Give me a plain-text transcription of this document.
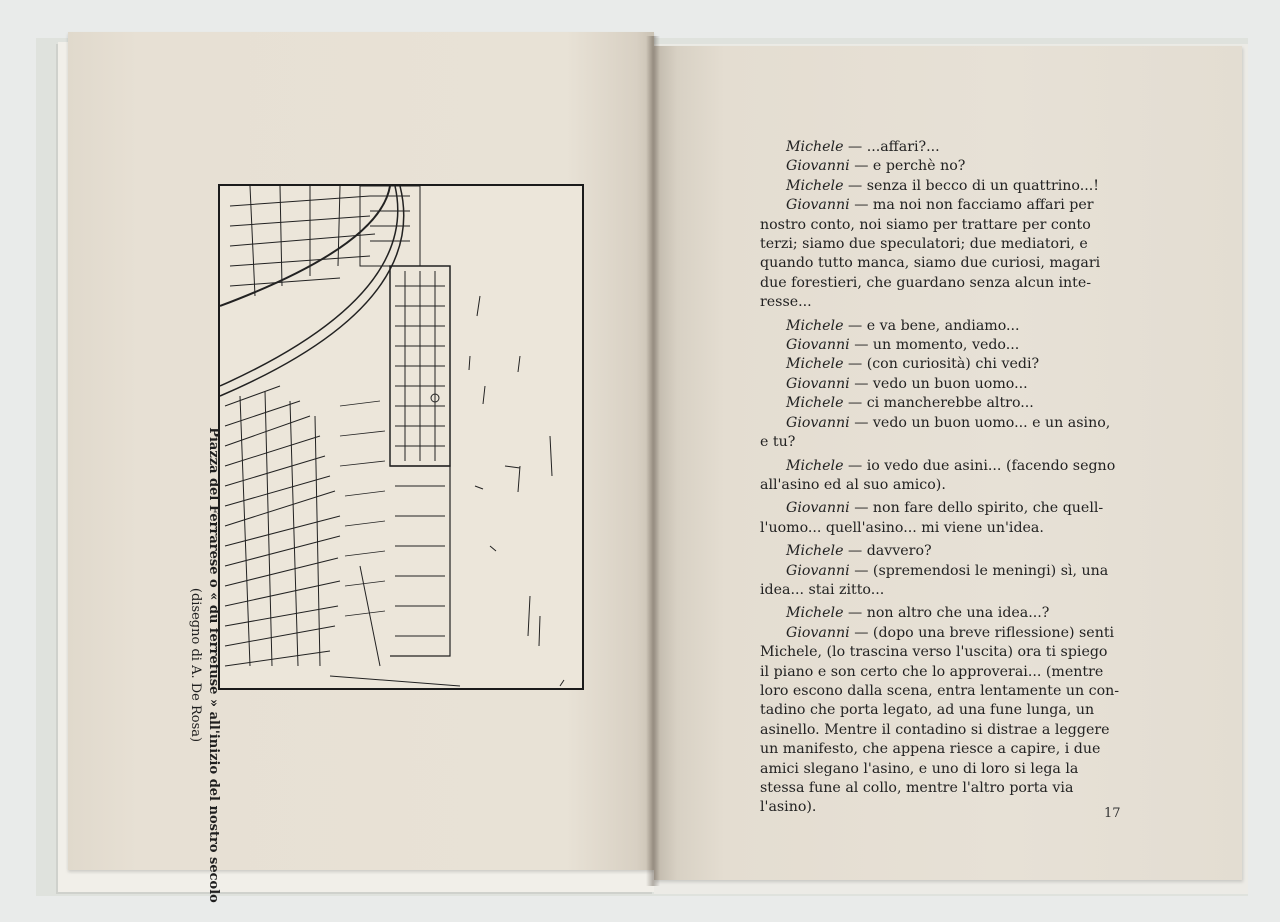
Piazza del Ferrarese o « du ferrefuse » all'inizio del nostro secolo
(disegno di A. De Rosa)
Michele — ...affari?...
Giovanni — e perchè no?
Michele — senza il becco di un quattrino...!
Giovanni — ma noi non facciamo affari per
nostro conto, noi siamo per trattare per conto
terzi; siamo due speculatori; due mediatori, e
quando tutto manca, siamo due curiosi, magari
due forestieri, che guardano senza alcun inte-
resse...
Michele — e va bene, andiamo...
Giovanni — un momento, vedo...
Michele — (con curiosità) chi vedi?
Giovanni — vedo un buon uomo...
Michele — ci mancherebbe altro...
Giovanni — vedo un buon uomo... e un asino,
e tu?
Michele — io vedo due asini... (facendo segno
all'asino ed al suo amico).
Giovanni — non fare dello spirito, che quell-
l'uomo... quell'asino... mi viene un'idea.
Michele — davvero?
Giovanni — (spremendosi le meningi) sì, una
idea... stai zitto...
Michele — non altro che una idea...?
Giovanni — (dopo una breve riflessione) senti
Michele, (lo trascina verso l'uscita) ora ti spiego
il piano e son certo che lo approverai... (mentre
loro escono dalla scena, entra lentamente un con-
tadino che porta legato, ad una fune lunga, un
asinello. Mentre il contadino si distrae a leggere
un manifesto, che appena riesce a capire, i due
amici slegano l'asino, e uno di loro si lega la
stessa fune al collo, mentre l'altro porta via
l'asino).	17
